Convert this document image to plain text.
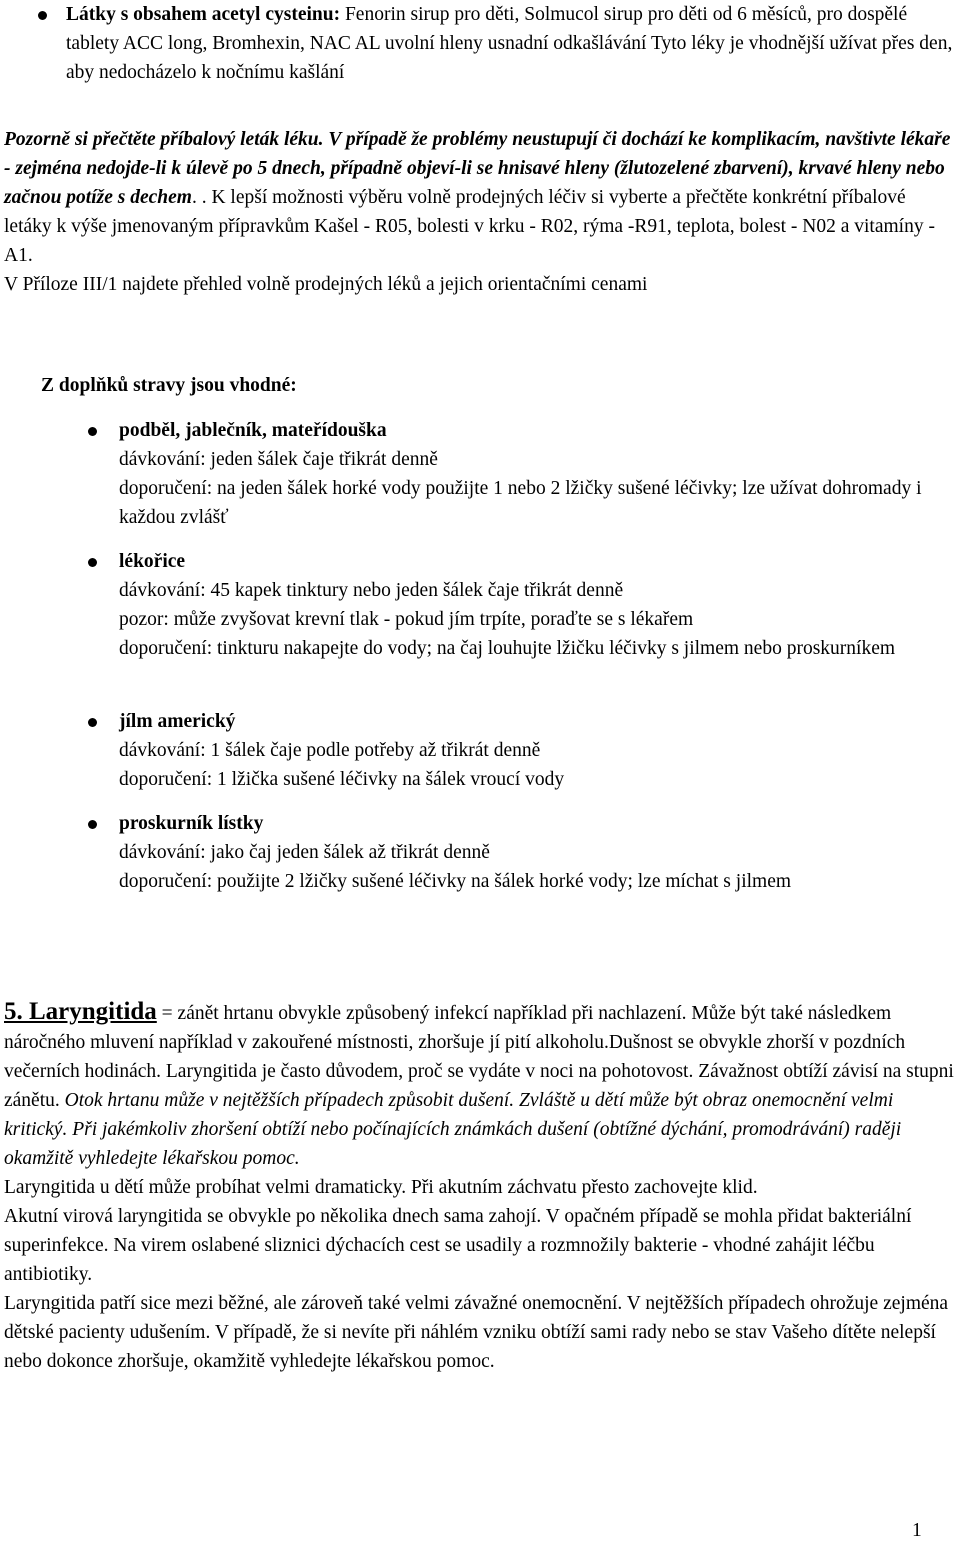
Látky s obsahem acetyl cysteinu: Fenorin sirup pro děti, Solmucol sirup pro děti od 6 měsíců, pro dospělé tablety ACC long, Bromhexin, NAC AL uvolní hleny usnadní odkašlávání Tyto léky je vhodnější užívat přes den, aby nedocházelo k nočnímu kašlání

Pozorně si přečtěte příbalový leták léku. V případě že problémy neustupují či dochází ke komplikacím, navštivte lékaře - zejména nedojde-li k úlevě po 5 dnech, případně objeví-li se hnisavé hleny (žlutozelené zbarvení), krvavé hleny nebo začnou potíže s dechem. . K lepší možnosti výběru volně prodejných léčiv si vyberte a přečtěte konkrétní příbalové letáky k výše jmenovaným přípravkům Kašel - R05, bolesti v krku - R02, rýma -R91, teplota, bolest - N02 a vitamíny - A1.

V Příloze III/1 najdete přehled volně prodejných léků a jejich orientačními cenami

Z doplňků stravy jsou vhodné:

podběl, jablečník, mateřídouška

dávkování: jeden šálek čaje třikrát denně

doporučení: na jeden šálek horké vody použijte 1 nebo 2 lžičky sušené léčivky; lze užívat dohromady i každou zvlášť

lékořice

dávkování: 45 kapek tinktury nebo jeden šálek čaje třikrát denně

pozor: může zvyšovat krevní tlak - pokud jím trpíte, poraďte se s lékařem

doporučení: tinkturu nakapejte do vody; na čaj louhujte lžičku léčivky s jilmem nebo proskurníkem

jílm americký

dávkování: 1 šálek čaje podle potřeby až třikrát denně

doporučení: 1 lžička sušené léčivky na šálek vroucí vody

proskurník lístky

dávkování: jako čaj jeden šálek až třikrát denně

doporučení: použijte 2 lžičky sušené léčivky na šálek horké vody; lze míchat s jilmem

5. Laryngitida = zánět hrtanu obvykle způsobený infekcí například při nachlazení. Může být také následkem náročného mluvení například v zakouřené místnosti, zhoršuje jí pití alkoholu.Dušnost se obvykle zhorší v pozdních večerních hodinách. Laryngitida je často důvodem, proč se vydáte v noci na pohotovost. Závažnost obtíží závisí na stupni zánětu. Otok hrtanu může v nejtěžších případech způsobit dušení. Zvláště u dětí může být obraz onemocnění velmi kritický. Při jakémkoliv zhoršení obtíží nebo počínajících známkách dušení (obtížné dýchání, promodrávání) raději okamžitě vyhledejte lékařskou pomoc.

Laryngitida u dětí může probíhat velmi dramaticky. Při akutním záchvatu přesto zachovejte klid.

Akutní virová laryngitida se obvykle po několika dnech sama zahojí. V opačném případě se mohla přidat bakteriální superinfekce. Na virem oslabené sliznici dýchacích cest se usadily a rozmnožily bakterie - vhodné zahájit léčbu antibiotiky.

Laryngitida patří sice mezi běžné, ale zároveň také velmi závažné onemocnění. V nejtěžších případech ohrožuje zejména dětské pacienty udušením. V případě, že si nevíte při náhlém vzniku obtíží sami rady nebo se stav Vašeho dítěte nelepší nebo dokonce zhoršuje, okamžitě vyhledejte lékařskou pomoc.

1
